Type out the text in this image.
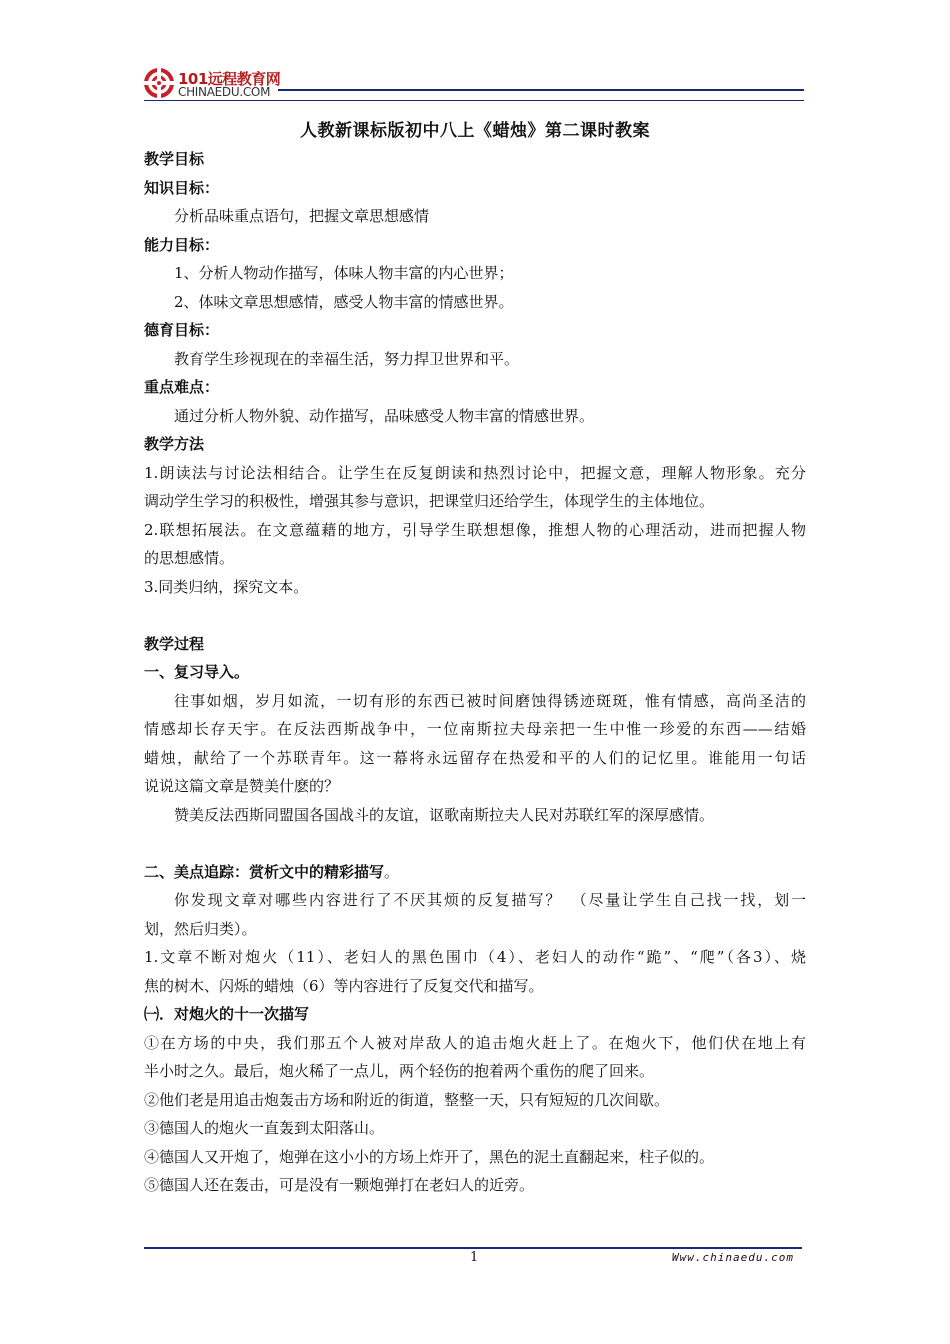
101远程教育网
CHINAEDU.COM
人教新课标版初中八上《蜡烛》第二课时教案
教学目标
知识目标：
分析品味重点语句，把握文章思想感情
能力目标：
1、分析人物动作描写，体味人物丰富的内心世界；
2、体味文章思想感情，感受人物丰富的情感世界。
德育目标：
教育学生珍视现在的幸福生活，努力捍卫世界和平。
重点难点：
通过分析人物外貌、动作描写，品味感受人物丰富的情感世界。
教学方法
1.朗读法与讨论法相结合。让学生在反复朗读和热烈讨论中，把握文意，理解人物形象。充分
调动学生学习的积极性，增强其参与意识，把课堂归还给学生，体现学生的主体地位。
2.联想拓展法。在文意蕴藉的地方，引导学生联想想像，推想人物的心理活动，进而把握人物
的思想感情。
3.同类归纳，探究文本。
教学过程
一、复习导入。
往事如烟，岁月如流，一切有形的东西已被时间磨蚀得锈迹斑斑，惟有情感，高尚圣洁的
情感却长存天宇。在反法西斯战争中，一位南斯拉夫母亲把一生中惟一珍爱的东西——结婚
蜡烛，献给了一个苏联青年。这一幕将永远留存在热爱和平的人们的记忆里。谁能用一句话
说说这篇文章是赞美什麽的？
赞美反法西斯同盟国各国战斗的友谊，讴歌南斯拉夫人民对苏联红军的深厚感情。
二、美点追踪：赏析文中的精彩描写。
你发现文章对哪些内容进行了不厌其烦的反复描写？　（尽量让学生自己找一找，划一
划，然后归类）。
1.文章不断对炮火（11）、老妇人的黑色围巾（4）、老妇人的动作“跪”、“爬”（各3）、烧
焦的树木、闪烁的蜡烛（6）等内容进行了反复交代和描写。
㈠．对炮火的十一次描写
①在方场的中央，我们那五个人被对岸敌人的追击炮火赶上了。在炮火下，他们伏在地上有
半小时之久。最后，炮火稀了一点儿，两个轻伤的抱着两个重伤的爬了回来。
②他们老是用追击炮轰击方场和附近的街道，整整一天，只有短短的几次间歇。
③德国人的炮火一直轰到太阳落山。
④德国人又开炮了，炮弹在这小小的方场上炸开了，黑色的泥土直翻起来，柱子似的。
⑤德国人还在轰击，可是没有一颗炮弹打在老妇人的近旁。
1	Www.chinaedu.com
